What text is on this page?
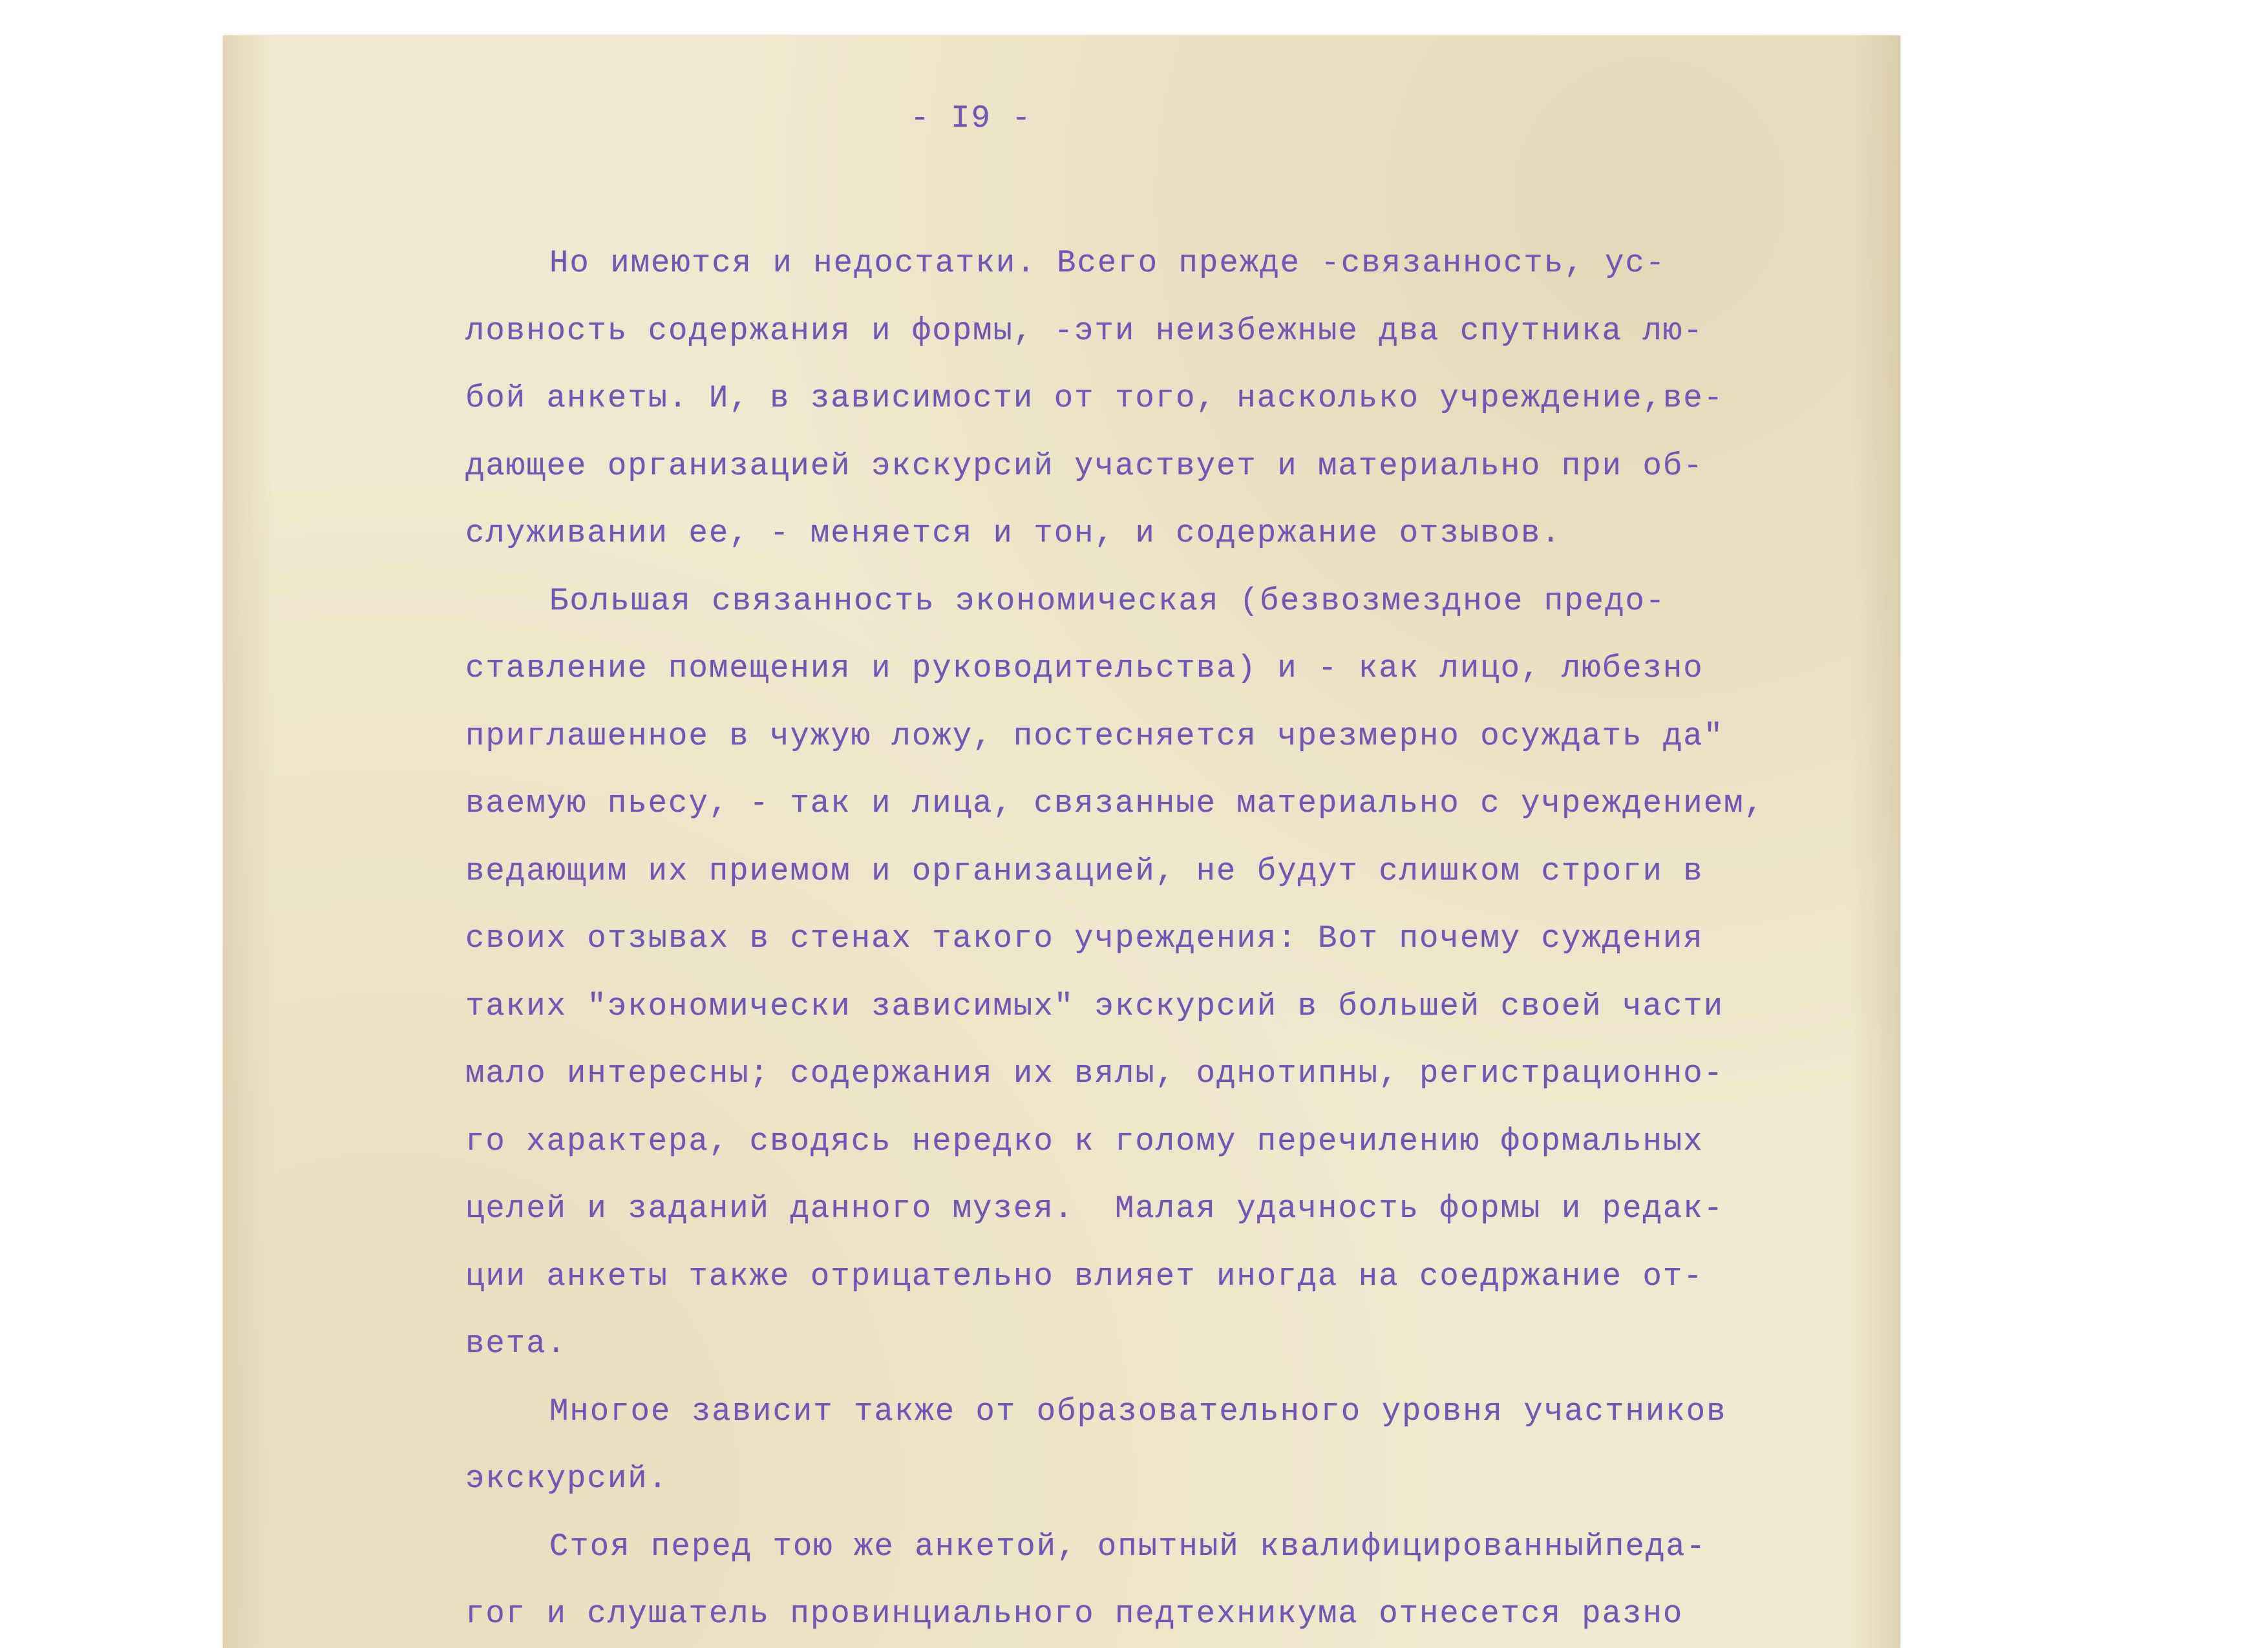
- I9 -
Но имеются и недостатки. Всего прежде -связанность, ус-
ловность содержания и формы, -эти неизбежные два спутника лю-
бой анкеты. И, в зависимости от того, насколько учреждение,ве-
дающее организацией экскурсий участвует и материально при об-
служивании ее, - меняется и тон, и содержание отзывов.
Большая связанность экономическая (безвозмездное предо-
ставление помещения и руководительства) и - как лицо, любезно
приглашенное в чужую ложу, постесняется чрезмерно осуждать да"
ваемую пьесу, - так и лица, связанные материально с учреждением,
ведающим их приемом и организацией, не будут слишком строги в
своих отзывах в стенах такого учреждения: Вот почему суждения
таких "экономически зависимых" экскурсий в большей своей части
мало интересны; содержания их вялы, однотипны, регистрационно-
го характера, сводясь нередко к голому перечилению формальных
целей и заданий данного музея.  Малая удачность формы и редак-
ции анкеты также отрицательно влияет иногда на соедржание от-
вета.
Многое зависит также от образовательного уровня участников
экскурсий.
Стоя перед тою же анкетой, опытный квалифицированныйпеда-
гог и слушатель провинциального педтехникума отнесется разно
